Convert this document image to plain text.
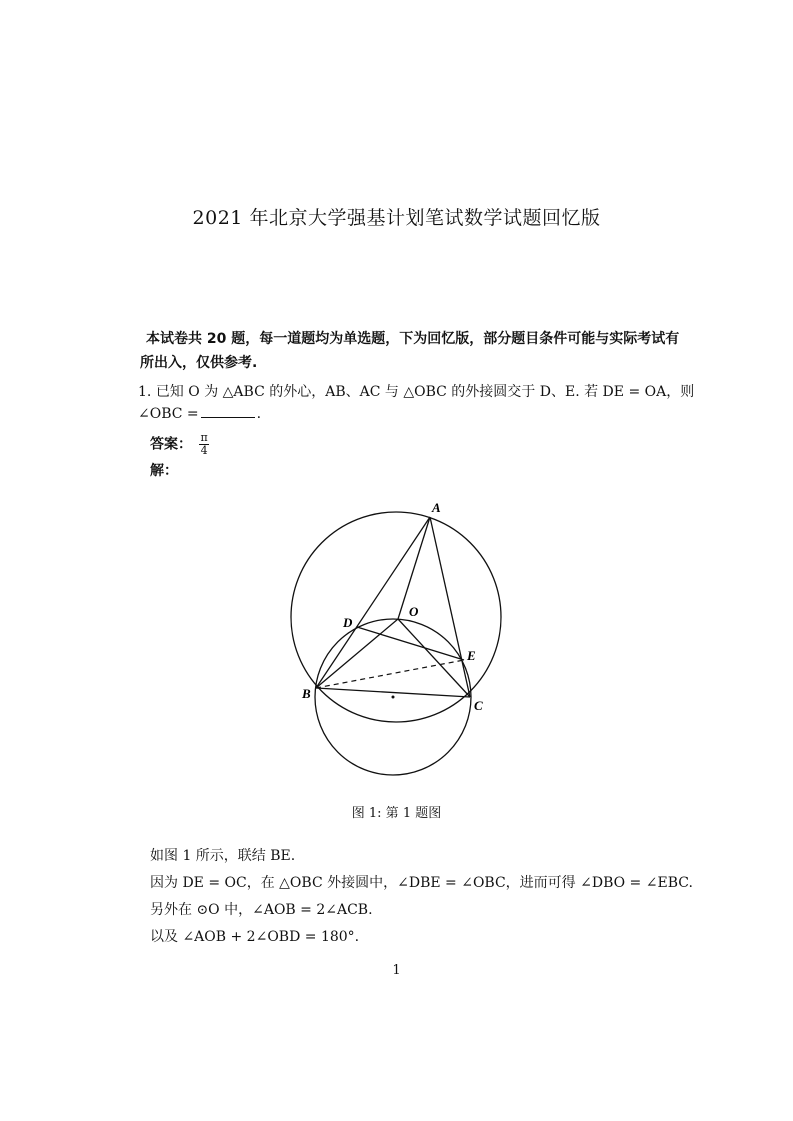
2021 年北京大学强基计划笔试数学试题回忆版
本试卷共 20 题，每一道题均为单选题，下为回忆版，部分题目条件可能与实际考试有
所出入，仅供参考.
1. 已知 O 为 △ABC 的外心，AB、AC 与 △OBC 的外接圆交于 D、E. 若 DE = OA，则
∠OBC =	.
答案： $\frac{\pi}{4}$
解：
A
B
C
D
E
O
图 1: 第 1 题图
如图 1 所示，联结 BE.
因为 DE = OC，在 △OBC 外接圆中，∠DBE = ∠OBC，进而可得 ∠DBO = ∠EBC.
另外在 ⊙O 中，∠AOB = 2∠ACB.
以及 ∠AOB + 2∠OBD = 180°.
1
